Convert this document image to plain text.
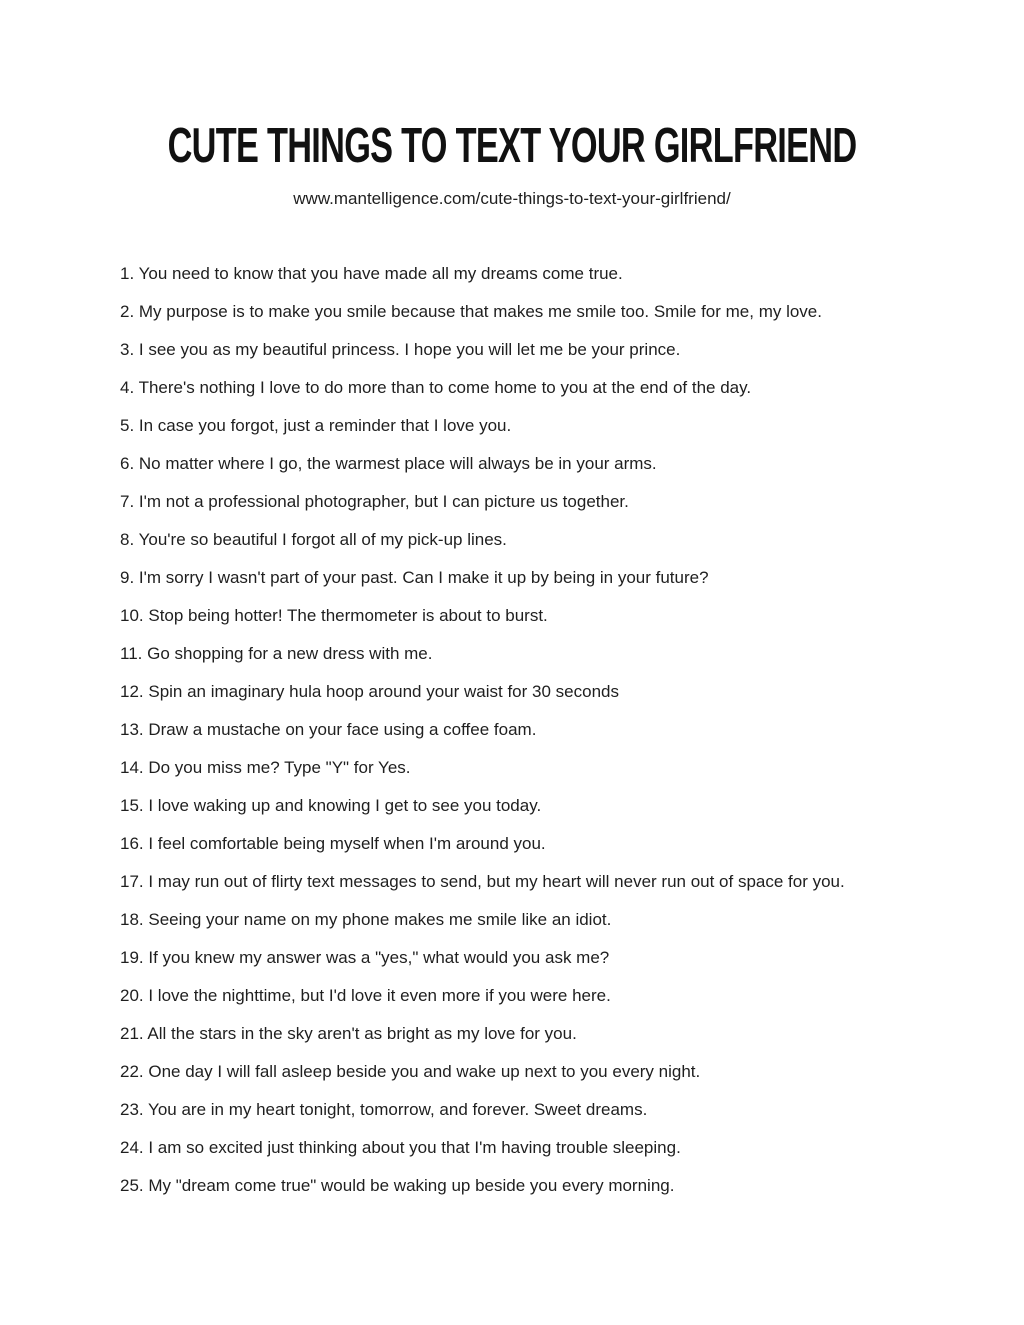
CUTE THINGS TO TEXT YOUR GIRLFRIEND
www.mantelligence.com/cute-things-to-text-your-girlfriend/

1. You need to know that you have made all my dreams come true.

2. My purpose is to make you smile because that makes me smile too. Smile for me, my love.

3. I see you as my beautiful princess. I hope you will let me be your prince.

4. There's nothing I love to do more than to come home to you at the end of the day.

5. In case you forgot, just a reminder that I love you.

6. No matter where I go, the warmest place will always be in your arms.

7. I'm not a professional photographer, but I can picture us together.

8. You're so beautiful I forgot all of my pick-up lines.

9. I'm sorry I wasn't part of your past. Can I make it up by being in your future?

10. Stop being hotter! The thermometer is about to burst.

11. Go shopping for a new dress with me.

12. Spin an imaginary hula hoop around your waist for 30 seconds

13. Draw a mustache on your face using a coffee foam.

14. Do you miss me? Type "Y" for Yes.

15. I love waking up and knowing I get to see you today.

16. I feel comfortable being myself when I'm around you.

17. I may run out of flirty text messages to send, but my heart will never run out of space for you.

18. Seeing your name on my phone makes me smile like an idiot.

19. If you knew my answer was a "yes," what would you ask me?

20. I love the nighttime, but I'd love it even more if you were here.

21. All the stars in the sky aren't as bright as my love for you.

22. One day I will fall asleep beside you and wake up next to you every night.

23. You are in my heart tonight, tomorrow, and forever. Sweet dreams.

24. I am so excited just thinking about you that I'm having trouble sleeping.

25. My "dream come true" would be waking up beside you every morning.
